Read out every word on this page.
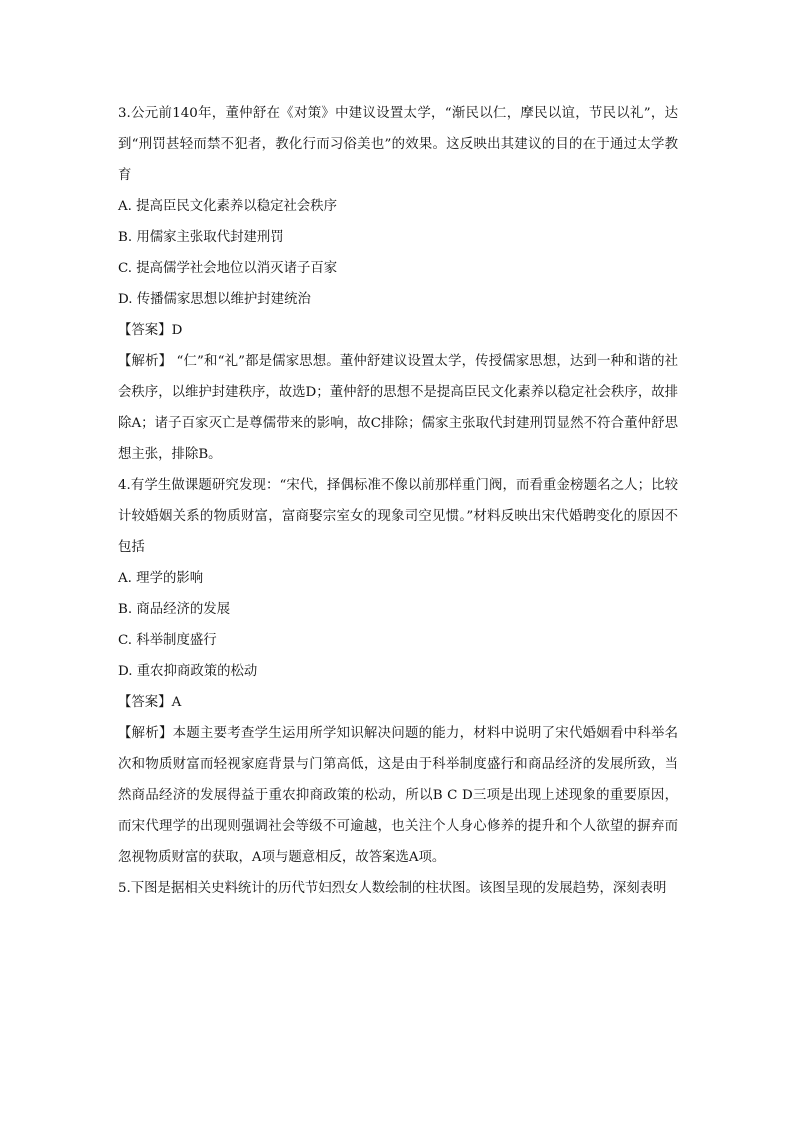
3.公元前140年，董仲舒在《对策》中建议设置太学，“渐民以仁，摩民以谊，节民以礼”，达到“刑罚甚轻而禁不犯者，教化行而习俗美也”的效果。这反映出其建议的目的在于通过太学教育

A. 提高臣民文化素养以稳定社会秩序

B. 用儒家主张取代封建刑罚

C. 提高儒学社会地位以消灭诸子百家

D. 传播儒家思想以维护封建统治

【答案】D

【解析】 “仁”和“礼”都是儒家思想。董仲舒建议设置太学，传授儒家思想，达到一种和谐的社会秩序，以维护封建秩序，故选D；董仲舒的思想不是提高臣民文化素养以稳定社会秩序，故排除A；诸子百家灭亡是尊儒带来的影响，故C排除；儒家主张取代封建刑罚显然不符合董仲舒思想主张，排除B。

4.有学生做课题研究发现：“宋代，择偶标准不像以前那样重门阀，而看重金榜题名之人；比较计较婚姻关系的物质财富，富商娶宗室女的现象司空见惯。”材料反映出宋代婚聘变化的原因不包括

A. 理学的影响

B. 商品经济的发展

C. 科举制度盛行

D. 重农抑商政策的松动

【答案】A

【解析】本题主要考查学生运用所学知识解决问题的能力，材料中说明了宋代婚姻看中科举名次和物质财富而轻视家庭背景与门第高低，这是由于科举制度盛行和商品经济的发展所致，当然商品经济的发展得益于重农抑商政策的松动，所以B C D三项是出现上述现象的重要原因，而宋代理学的出现则强调社会等级不可逾越，也关注个人身心修养的提升和个人欲望的摒弃而忽视物质财富的获取，A项与题意相反，故答案选A项。

5.下图是据相关史料统计的历代节妇烈女人数绘制的柱状图。该图呈现的发展趋势，深刻表明
